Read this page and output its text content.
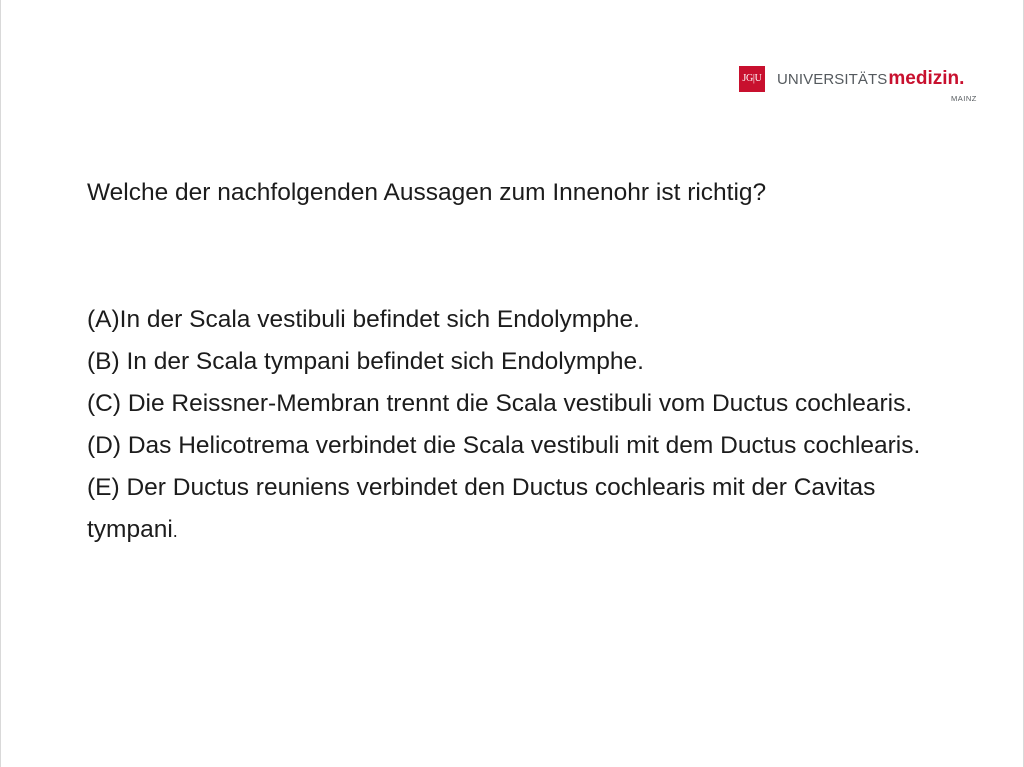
JG|U UNIVERSITÄTSmedizin.
MAINZ

Welche der nachfolgenden Aussagen zum Innenohr ist richtig?

(A)In der Scala vestibuli befindet sich Endolymphe.
(B) In der Scala tympani befindet sich Endolymphe.
(C) Die Reissner-Membran trennt die Scala vestibuli vom Ductus cochlearis.
(D) Das Helicotrema verbindet die Scala vestibuli mit dem Ductus cochlearis.
(E) Der Ductus reuniens verbindet den Ductus cochlearis mit der Cavitas tympani.
